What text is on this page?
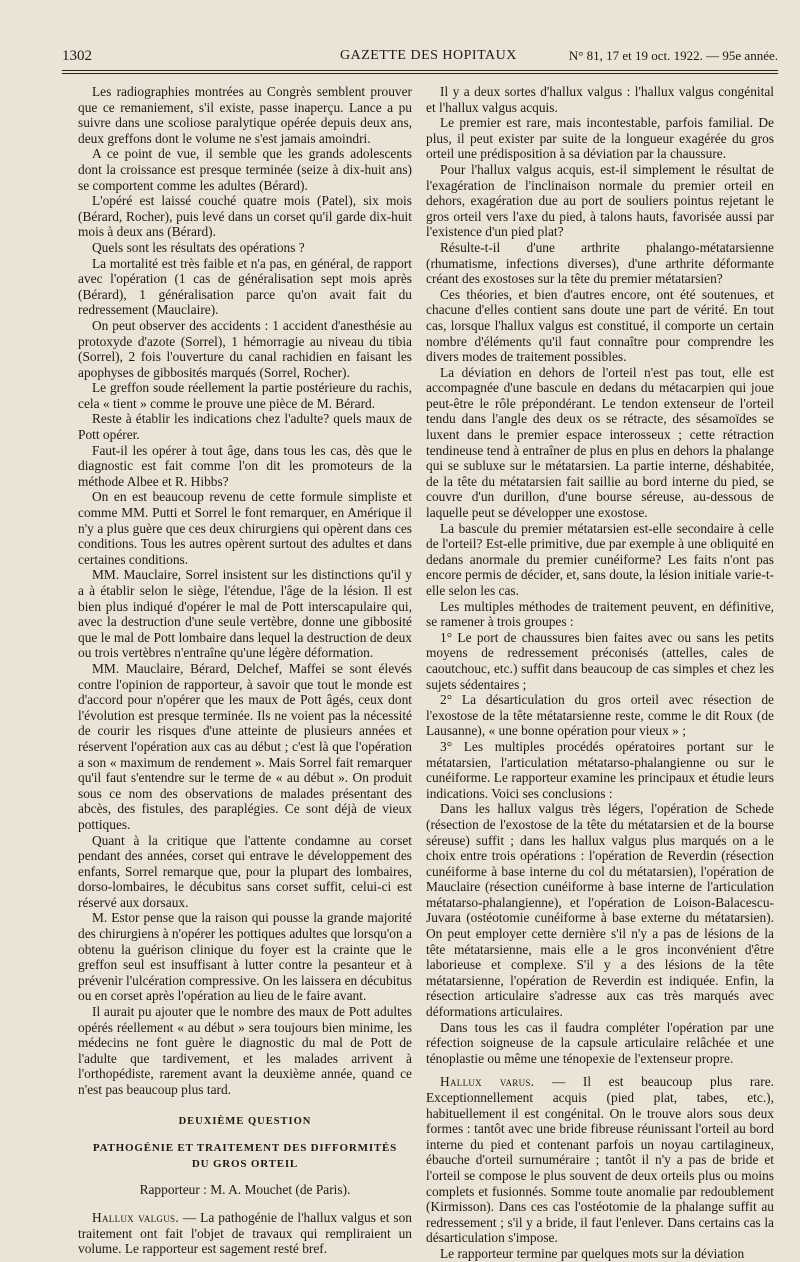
1302	GAZETTE DES HOPITAUX	N° 81, 17 et 19 oct. 1922. — 95e année.

Les radiographies montrées au Congrès semblent prouver que ce remaniement, s'il existe, passe inaperçu. Lance a pu suivre dans une scoliose paralytique opérée depuis deux ans, deux greffons dont le volume ne s'est jamais amoindri.

A ce point de vue, il semble que les grands adolescents dont la croissance est presque terminée (seize à dix-huit ans) se comportent comme les adultes (Bérard).

L'opéré est laissé couché quatre mois (Patel), six mois (Bérard, Rocher), puis levé dans un corset qu'il garde dix-huit mois à deux ans (Bérard).

Quels sont les résultats des opérations ?

La mortalité est très faible et n'a pas, en général, de rapport avec l'opération (1 cas de généralisation sept mois après (Bérard), 1 généralisation parce qu'on avait fait du redressement (Mauclaire).

On peut observer des accidents : 1 accident d'anesthésie au protoxyde d'azote (Sorrel), 1 hémorragie au niveau du tibia (Sorrel), 2 fois l'ouverture du canal rachidien en faisant les apophyses de gibbosités marqués (Sorrel, Rocher).

Le greffon soude réellement la partie postérieure du rachis, cela « tient » comme le prouve une pièce de M. Bérard.

Reste à établir les indications chez l'adulte? quels maux de Pott opérer.

Faut-il les opérer à tout âge, dans tous les cas, dès que le diagnostic est fait comme l'on dit les promoteurs de la méthode Albee et R. Hibbs?

On en est beaucoup revenu de cette formule simpliste et comme MM. Putti et Sorrel le font remarquer, en Amérique il n'y a plus guère que ces deux chirurgiens qui opèrent dans ces conditions. Tous les autres opèrent surtout des adultes et dans certaines conditions.

MM. Mauclaire, Sorrel insistent sur les distinctions qu'il y a à établir selon le siège, l'étendue, l'âge de la lésion. Il est bien plus indiqué d'opérer le mal de Pott interscapulaire qui, avec la destruction d'une seule vertèbre, donne une gibbosité que le mal de Pott lombaire dans lequel la destruction de deux ou trois vertèbres n'entraîne qu'une légère déformation.

MM. Mauclaire, Bérard, Delchef, Maffei se sont élevés contre l'opinion de rapporteur, à savoir que tout le monde est d'accord pour n'opérer que les maux de Pott âgés, ceux dont l'évolution est presque terminée. Ils ne voient pas la nécessité de courir les risques d'une atteinte de plusieurs années et réservent l'opération aux cas au début ; c'est là que l'opération a son « maximum de rendement ». Mais Sorrel fait remarquer qu'il faut s'entendre sur le terme de « au début ». On produit sous ce nom des observations de malades présentant des abcès, des fistules, des paraplégies. Ce sont déjà de vieux pottiques.

Quant à la critique que l'attente condamne au corset pendant des années, corset qui entrave le développement des enfants, Sorrel remarque que, pour la plupart des lombaires, dorso-lombaires, le décubitus sans corset suffit, celui-ci est réservé aux dorsaux.

M. Estor pense que la raison qui pousse la grande majorité des chirurgiens à n'opérer les pottiques adultes que lorsqu'on a obtenu la guérison clinique du foyer est la crainte que le greffon seul est insuffisant à lutter contre la pesanteur et à prévenir l'ulcération compressive. On les laissera en décubitus ou en corset après l'opération au lieu de le faire avant.

Il aurait pu ajouter que le nombre des maux de Pott adultes opérés réellement « au début » sera toujours bien minime, les médecins ne font guère le diagnostic du mal de Pott de l'adulte que tardivement, et les malades arrivent à l'orthopédiste, rarement avant la deuxième année, quand ce n'est pas beaucoup plus tard.

DEUXIÈME QUESTION
PATHOGÉNIE ET TRAITEMENT DES DIFFORMITÉS
DU GROS ORTEIL

Rapporteur : M. A. Mouchet (de Paris).

Hallux valgus. — La pathogénie de l'hallux valgus et son traitement ont fait l'objet de travaux qui rempliraient un volume. Le rapporteur est sagement resté bref.

Il y a deux sortes d'hallux valgus : l'hallux valgus congénital et l'hallux valgus acquis.

Le premier est rare, mais incontestable, parfois familial. De plus, il peut exister par suite de la longueur exagérée du gros orteil une prédisposition à sa déviation par la chaussure.

Pour l'hallux valgus acquis, est-il simplement le résultat de l'exagération de l'inclinaison normale du premier orteil en dehors, exagération due au port de souliers pointus rejetant le gros orteil vers l'axe du pied, à talons hauts, favorisée aussi par l'existence d'un pied plat?

Résulte-t-il d'une arthrite phalango-métatarsienne (rhumatisme, infections diverses), d'une arthrite déformante créant des exostoses sur la tête du premier métatarsien?

Ces théories, et bien d'autres encore, ont été soutenues, et chacune d'elles contient sans doute une part de vérité. En tout cas, lorsque l'hallux valgus est constitué, il comporte un certain nombre d'éléments qu'il faut connaître pour comprendre les divers modes de traitement possibles.

La déviation en dehors de l'orteil n'est pas tout, elle est accompagnée d'une bascule en dedans du métacarpien qui joue peut-être le rôle prépondérant. Le tendon extenseur de l'orteil tendu dans l'angle des deux os se rétracte, des sésamoïdes se luxent dans le premier espace interosseux ; cette rétraction tendineuse tend à entraîner de plus en plus en dehors la phalange qui se subluxe sur le métatarsien. La partie interne, déshabitée, de la tête du métatarsien fait saillie au bord interne du pied, se couvre d'un durillon, d'une bourse séreuse, au-dessous de laquelle peut se développer une exostose.

La bascule du premier métatarsien est-elle secondaire à celle de l'orteil? Est-elle primitive, due par exemple à une obliquité en dedans anormale du premier cunéiforme? Les faits n'ont pas encore permis de décider, et, sans doute, la lésion initiale varie-t-elle selon les cas.

Les multiples méthodes de traitement peuvent, en définitive, se ramener à trois groupes :

1° Le port de chaussures bien faites avec ou sans les petits moyens de redressement préconisés (attelles, cales de caoutchouc, etc.) suffit dans beaucoup de cas simples et chez les sujets sédentaires ;

2° La désarticulation du gros orteil avec résection de l'exostose de la tête métatarsienne reste, comme le dit Roux (de Lausanne), « une bonne opération pour vieux » ;

3° Les multiples procédés opératoires portant sur le métatarsien, l'articulation métatarso-phalangienne ou sur le cunéiforme. Le rapporteur examine les principaux et étudie leurs indications. Voici ses conclusions :

Dans les hallux valgus très légers, l'opération de Schede (résection de l'exostose de la tête du métatarsien et de la bourse séreuse) suffit ; dans les hallux valgus plus marqués on a le choix entre trois opérations : l'opération de Reverdin (résection cunéiforme à base interne du col du métatarsien), l'opération de Mauclaire (résection cunéiforme à base interne de l'articulation métatarso-phalangienne), et l'opération de Loison-Balacescu-Juvara (ostéotomie cunéiforme à base externe du métatarsien). On peut employer cette dernière s'il n'y a pas de lésions de la tête métatarsienne, mais elle a le gros inconvénient d'être laborieuse et complexe. S'il y a des lésions de la tête métatarsienne, l'opération de Reverdin est indiquée. Enfin, la résection articulaire s'adresse aux cas très marqués avec déformations articulaires.

Dans tous les cas il faudra compléter l'opération par une réfection soigneuse de la capsule articulaire relâchée et une ténoplastie ou même une ténopexie de l'extenseur propre.

Hallux varus. — Il est beaucoup plus rare. Exceptionnellement acquis (pied plat, tabes, etc.), habituellement il est congénital. On le trouve alors sous deux formes : tantôt avec une bride fibreuse réunissant l'orteil au bord interne du pied et contenant parfois un noyau cartilagineux, ébauche d'orteil surnuméraire ; tantôt il n'y a pas de bride et l'orteil se compose le plus souvent de deux orteils plus ou moins complets et fusionnés. Somme toute anomalie par redoublement (Kirmisson). Dans ces cas l'ostéotomie de la phalange suffit au redressement ; s'il y a bride, il faut l'enlever. Dans certains cas la désarticulation s'impose.

Le rapporteur termine par quelques mots sur la déviation
